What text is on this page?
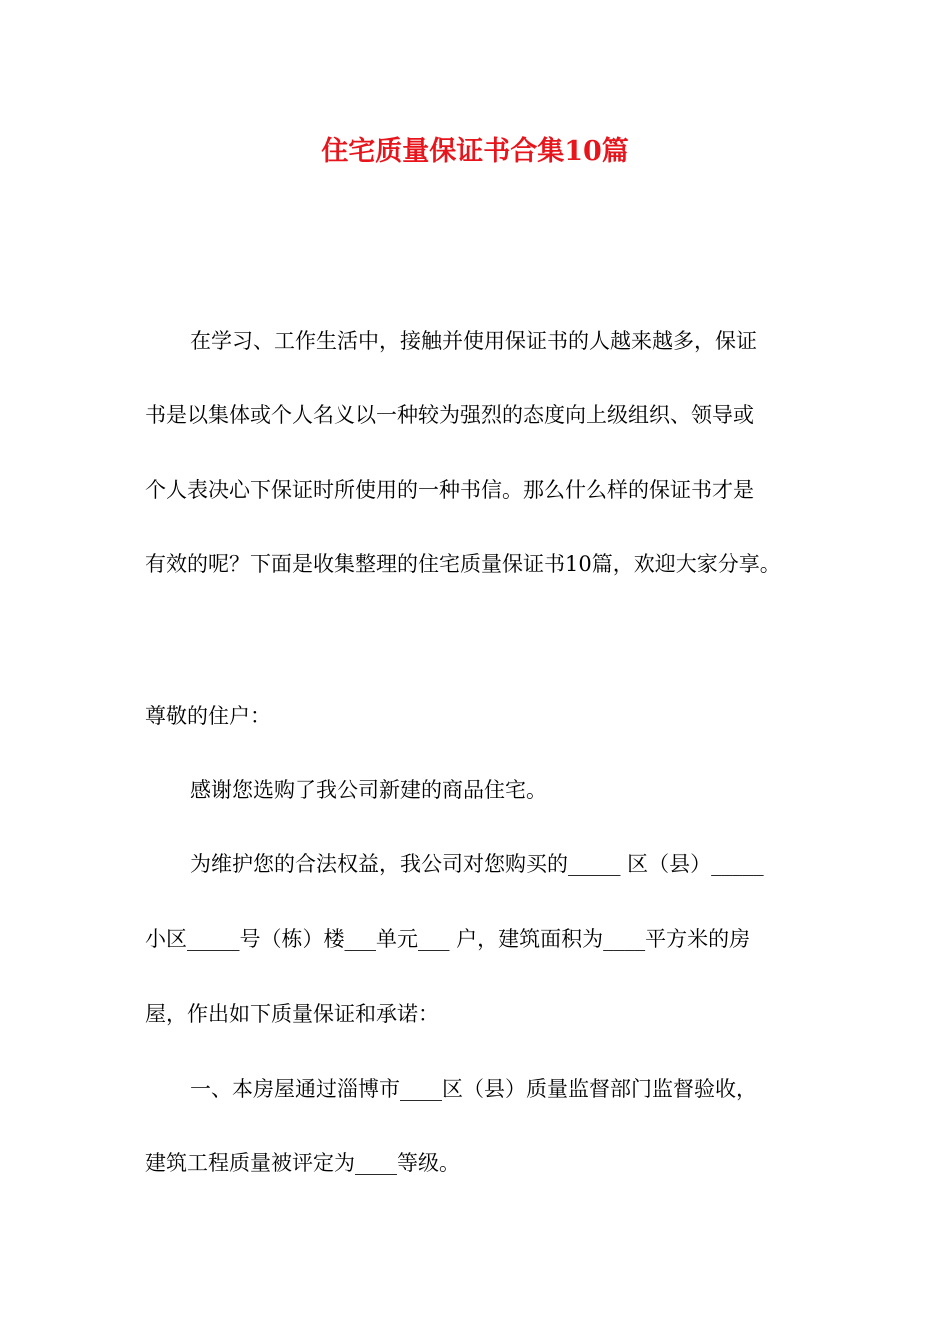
住宅质量保证书合集10篇
在学习、工作生活中，接触并使用保证书的人越来越多，保证
书是以集体或个人名义以一种较为强烈的态度向上级组织、领导或
个人表决心下保证时所使用的一种书信。那么什么样的保证书才是
有效的呢？下面是收集整理的住宅质量保证书10篇，欢迎大家分享。
尊敬的住户：
感谢您选购了我公司新建的商品住宅。
为维护您的合法权益，我公司对您购买的_____ 区（县）_____
小区_____号（栋）楼___单元___ 户，建筑面积为____平方米的房
屋，作出如下质量保证和承诺：
一、本房屋通过淄博市____区（县）质量监督部门监督验收，
建筑工程质量被评定为____等级。
